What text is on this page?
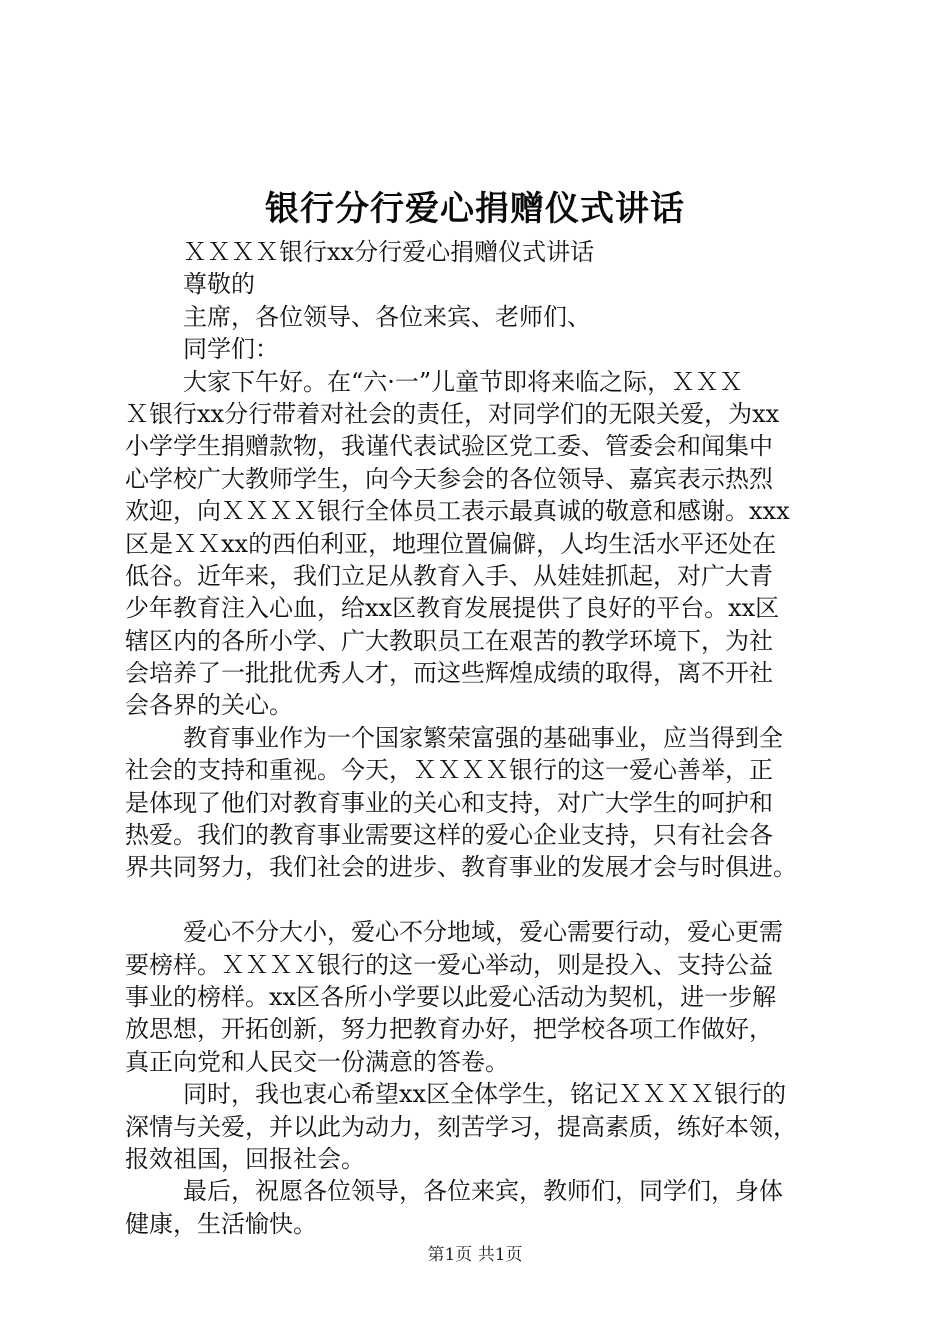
银行分行爱心捐赠仪式讲话
ＸＸＸＸ银行xx分行爱心捐赠仪式讲话
尊敬的
主席，各位领导、各位来宾、老师们、
同学们：
大家下午好。在“六·一”儿童节即将来临之际，ＸＸＸ
Ｘ银行xx分行带着对社会的责任，对同学们的无限关爱，为xx
小学学生捐赠款物，我谨代表试验区党工委、管委会和闻集中
心学校广大教师学生，向今天参会的各位领导、嘉宾表示热烈
欢迎，向ＸＸＸＸ银行全体员工表示最真诚的敬意和感谢。xxx
区是ＸＸxx的西伯利亚，地理位置偏僻，人均生活水平还处在
低谷。近年来，我们立足从教育入手、从娃娃抓起，对广大青
少年教育注入心血，给xx区教育发展提供了良好的平台。xx区
辖区内的各所小学、广大教职员工在艰苦的教学环境下，为社
会培养了一批批优秀人才，而这些辉煌成绩的取得，离不开社
会各界的关心。
教育事业作为一个国家繁荣富强的基础事业，应当得到全
社会的支持和重视。今天，ＸＸＸＸ银行的这一爱心善举，正
是体现了他们对教育事业的关心和支持，对广大学生的呵护和
热爱。我们的教育事业需要这样的爱心企业支持，只有社会各
界共同努力，我们社会的进步、教育事业的发展才会与时俱进。
爱心不分大小，爱心不分地域，爱心需要行动，爱心更需
要榜样。ＸＸＸＸ银行的这一爱心举动，则是投入、支持公益
事业的榜样。xx区各所小学要以此爱心活动为契机，进一步解
放思想，开拓创新，努力把教育办好，把学校各项工作做好，
真正向党和人民交一份满意的答卷。
同时，我也衷心希望xx区全体学生，铭记ＸＸＸＸ银行的
深情与关爱，并以此为动力，刻苦学习，提高素质，练好本领，
报效祖国，回报社会。
最后，祝愿各位领导，各位来宾，教师们，同学们，身体
健康，生活愉快。
第1页 共1页
